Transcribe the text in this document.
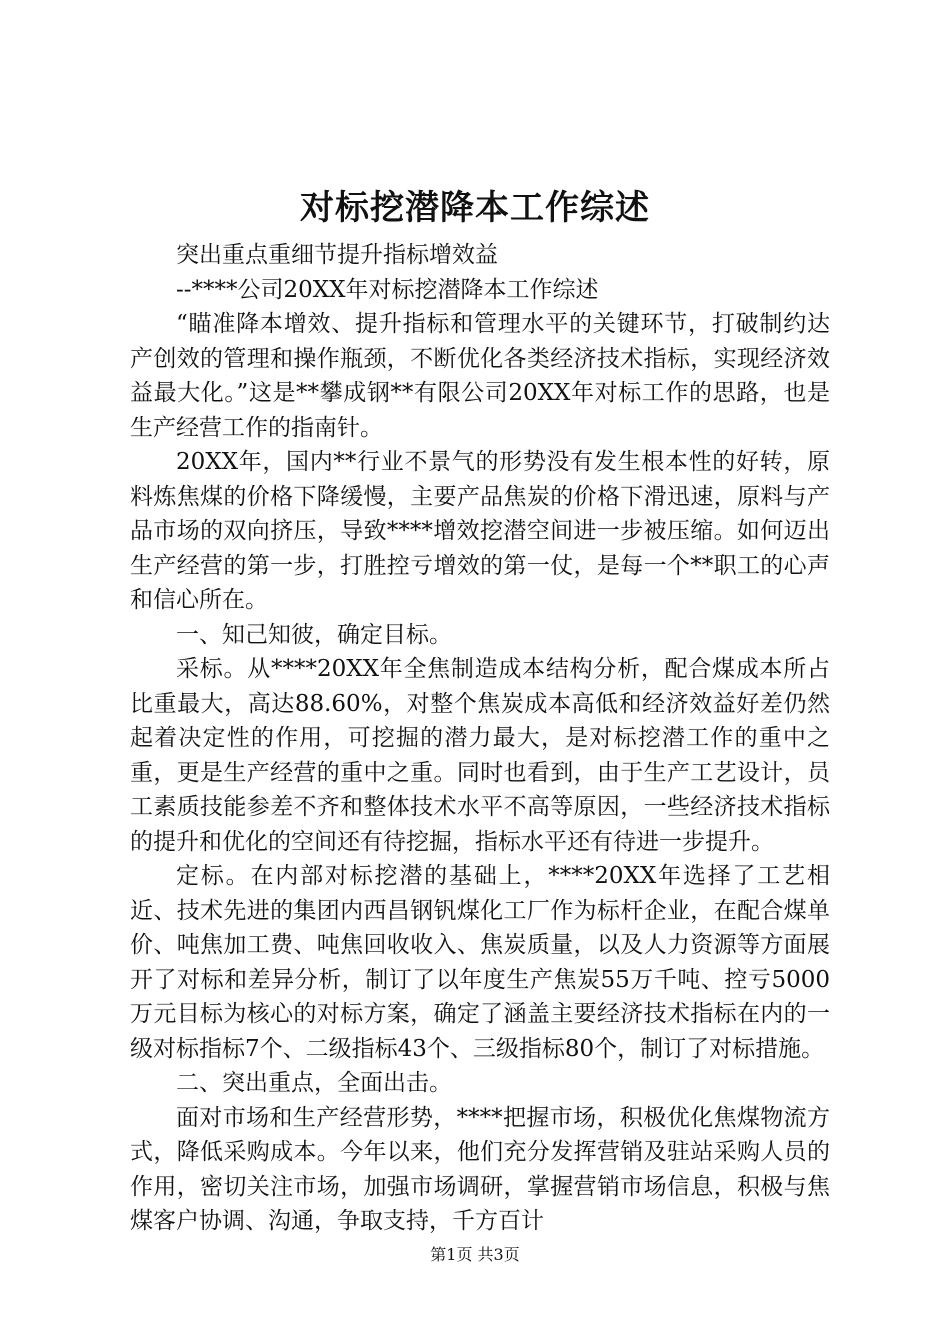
对标挖潜降本工作综述

突出重点重细节提升指标增效益

--****公司20XX年对标挖潜降本工作综述

“瞄准降本增效、提升指标和管理水平的关键环节，打破制约达产创效的管理和操作瓶颈，不断优化各类经济技术指标，实现经济效益最大化。”这是**攀成钢**有限公司20XX年对标工作的思路，也是生产经营工作的指南针。

20XX年，国内**行业不景气的形势没有发生根本性的好转，原料炼焦煤的价格下降缓慢，主要产品焦炭的价格下滑迅速，原料与产品市场的双向挤压，导致****增效挖潜空间进一步被压缩。如何迈出生产经营的第一步，打胜控亏增效的第一仗，是每一个**职工的心声和信心所在。

一、知己知彼，确定目标。

采标。从****20XX年全焦制造成本结构分析，配合煤成本所占比重最大，高达88.60%，对整个焦炭成本高低和经济效益好差仍然起着决定性的作用，可挖掘的潜力最大，是对标挖潜工作的重中之重，更是生产经营的重中之重。同时也看到，由于生产工艺设计，员工素质技能参差不齐和整体技术水平不高等原因，一些经济技术指标的提升和优化的空间还有待挖掘，指标水平还有待进一步提升。

定标。在内部对标挖潜的基础上，****20XX年选择了工艺相近、技术先进的集团内西昌钢钒煤化工厂作为标杆企业，在配合煤单价、吨焦加工费、吨焦回收收入、焦炭质量，以及人力资源等方面展开了对标和差异分析，制订了以年度生产焦炭55万千吨、控亏5000万元目标为核心的对标方案，确定了涵盖主要经济技术指标在内的一级对标指标7个、二级指标43个、三级指标80个，制订了对标措施。

二、突出重点，全面出击。

面对市场和生产经营形势，****把握市场，积极优化焦煤物流方式，降低采购成本。今年以来，他们充分发挥营销及驻站采购人员的作用，密切关注市场，加强市场调研，掌握营销市场信息，积极与焦煤客户协调、沟通，争取支持，千方百计

第1页 共3页
